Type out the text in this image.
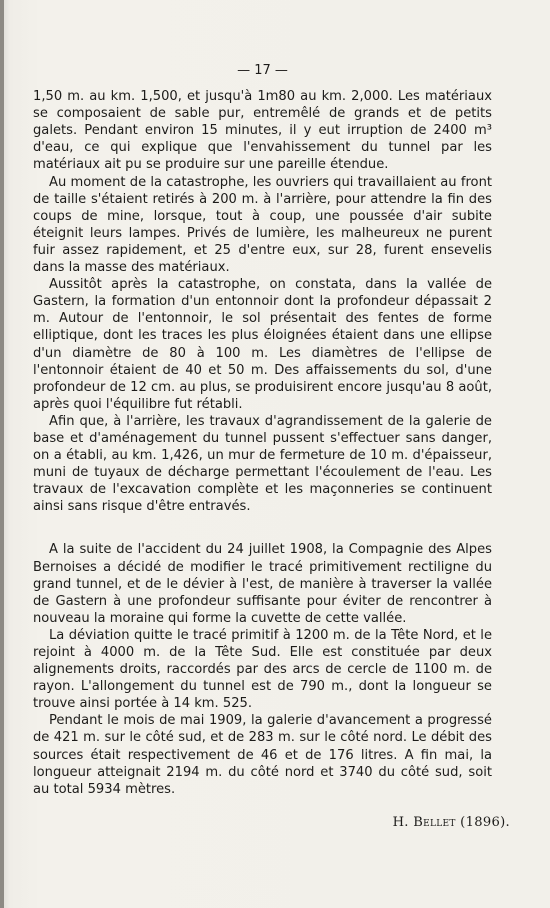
— 17 —

1,50 m. au km. 1,500, et jusqu'à 1m80 au km. 2,000. Les matériaux se composaient de sable pur, entremêlé de grands et de petits galets. Pendant environ 15 minutes, il y eut irruption de 2400 m³ d'eau, ce qui explique que l'envahissement du tunnel par les matériaux ait pu se produire sur une pareille étendue.

Au moment de la catastrophe, les ouvriers qui travaillaient au front de taille s'étaient retirés à 200 m. à l'arrière, pour attendre la fin des coups de mine, lorsque, tout à coup, une poussée d'air subite éteignit leurs lampes. Privés de lumière, les malheureux ne purent fuir assez rapidement, et 25 d'entre eux, sur 28, furent ensevelis dans la masse des matériaux.

Aussitôt après la catastrophe, on constata, dans la vallée de Gastern, la formation d'un entonnoir dont la profondeur dépassait 2 m. Autour de l'entonnoir, le sol présentait des fentes de forme elliptique, dont les traces les plus éloignées étaient dans une ellipse d'un diamètre de 80 à 100 m. Les diamètres de l'ellipse de l'entonnoir étaient de 40 et 50 m. Des affaissements du sol, d'une profondeur de 12 cm. au plus, se produisirent encore jusqu'au 8 août, après quoi l'équilibre fut rétabli.

Afin que, à l'arrière, les travaux d'agrandissement de la galerie de base et d'aménagement du tunnel pussent s'effectuer sans danger, on a établi, au km. 1,426, un mur de fermeture de 10 m. d'épaisseur, muni de tuyaux de décharge permettant l'écoulement de l'eau. Les travaux de l'excavation complète et les maçonneries se continuent ainsi sans risque d'être entravés.

A la suite de l'accident du 24 juillet 1908, la Compagnie des Alpes Bernoises a décidé de modifier le tracé primitivement rectiligne du grand tunnel, et de le dévier à l'est, de manière à traverser la vallée de Gastern à une profondeur suffisante pour éviter de rencontrer à nouveau la moraine qui forme la cuvette de cette vallée.

La déviation quitte le tracé primitif à 1200 m. de la Tête Nord, et le rejoint à 4000 m. de la Tête Sud. Elle est constituée par deux alignements droits, raccordés par des arcs de cercle de 1100 m. de rayon. L'allongement du tunnel est de 790 m., dont la longueur se trouve ainsi portée à 14 km. 525.

Pendant le mois de mai 1909, la galerie d'avancement a progressé de 421 m. sur le côté sud, et de 283 m. sur le côté nord. Le débit des sources était respectivement de 46 et de 176 litres. A fin mai, la longueur atteignait 2194 m. du côté nord et 3740 du côté sud, soit au total 5934 mètres.

H. Bellet (1896).
